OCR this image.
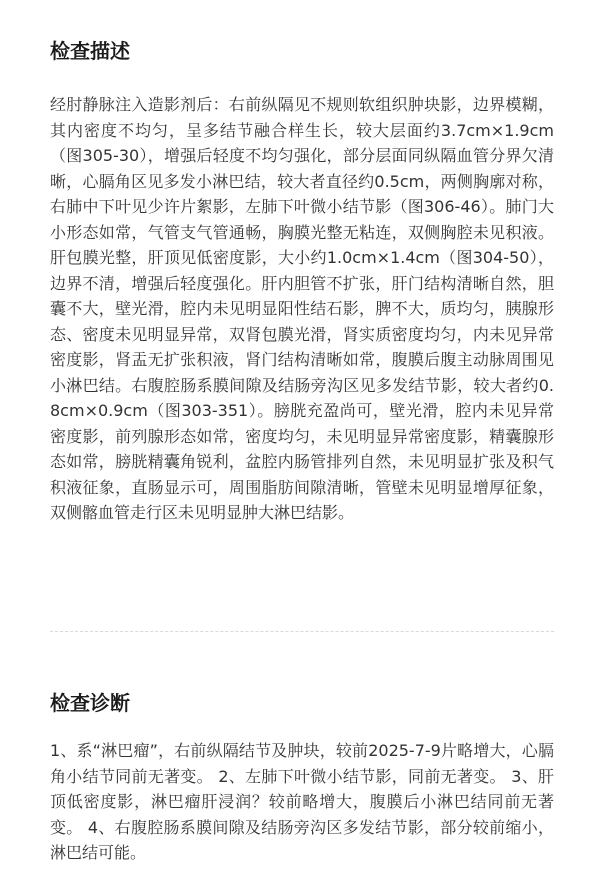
检查描述

经肘静脉注入造影剂后：右前纵隔见不规则软组织肿块影，边界模糊，其内密度不均匀，呈多结节融合样生长，较大层面约3.7cm×1.9cm（图305-30），增强后轻度不均匀强化，部分层面同纵隔血管分界欠清晰，心膈角区见多发小淋巴结，较大者直径约0.5cm，两侧胸廓对称，右肺中下叶见少许片絮影，左肺下叶微小结节影（图306-46）。肺门大小形态如常，气管支气管通畅，胸膜光整无粘连，双侧胸腔未见积液。 肝包膜光整，肝顶见低密度影，大小约1.0cm×1.4cm（图304-50），边界不清，增强后轻度强化。肝内胆管不扩张，肝门结构清晰自然，胆囊不大，壁光滑，腔内未见明显阳性结石影，脾不大，质均匀，胰腺形态、密度未见明显异常，双肾包膜光滑，肾实质密度均匀，内未见异常密度影，肾盂无扩张积液，肾门结构清晰如常，腹膜后腹主动脉周围见小淋巴结。右腹腔肠系膜间隙及结肠旁沟区见多发结节影，较大者约0.8cm×0.9cm（图303-351）。膀胱充盈尚可，壁光滑，腔内未见异常密度影，前列腺形态如常，密度均匀，未见明显异常密度影，精囊腺形态如常，膀胱精囊角锐利，盆腔内肠管排列自然，未见明显扩张及积气积液征象，直肠显示可，周围脂肪间隙清晰，管壁未见明显增厚征象，双侧髂血管走行区未见明显肿大淋巴结影。

检查诊断

1、系“淋巴瘤”，右前纵隔结节及肿块，较前2025-7-9片略增大，心膈角小结节同前无著变。 2、左肺下叶微小结节影，同前无著变。 3、肝顶低密度影，淋巴瘤肝浸润？较前略增大，腹膜后小淋巴结同前无著变。 4、右腹腔肠系膜间隙及结肠旁沟区多发结节影，部分较前缩小，淋巴结可能。
